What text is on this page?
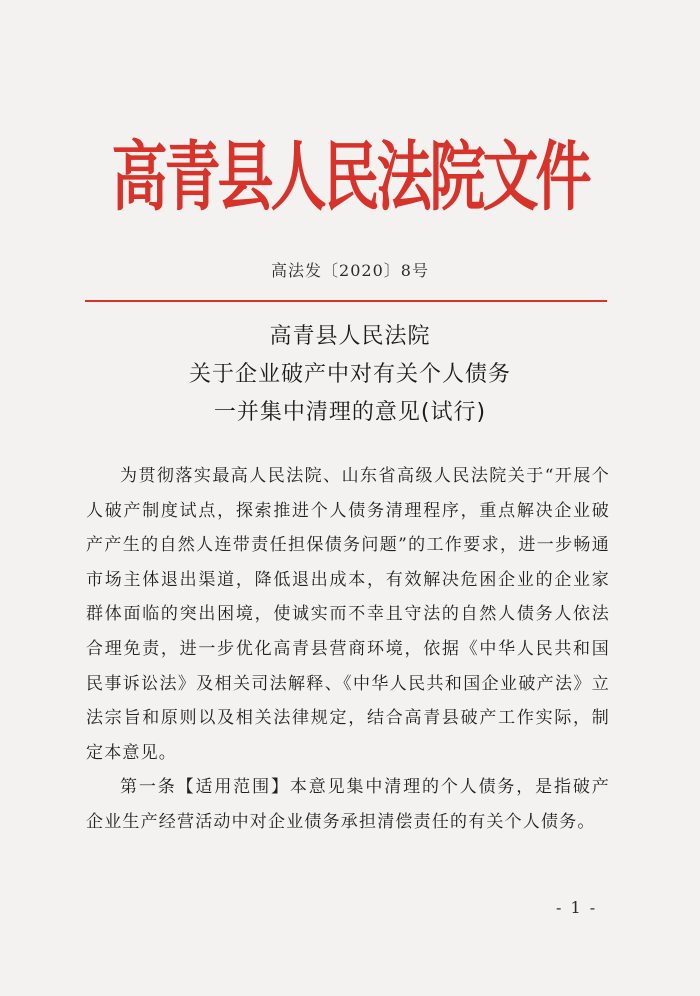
高青县人民法院文件
高法发〔2020〕8号
高青县人民法院
关于企业破产中对有关个人债务
一并集中清理的意见(试行)

为贯彻落实最高人民法院、山东省高级人民法院关于“开展个人破产制度试点，探索推进个人债务清理程序，重点解决企业破产产生的自然人连带责任担保债务问题”的工作要求，进一步畅通市场主体退出渠道，降低退出成本，有效解决危困企业的企业家群体面临的突出困境，使诚实而不幸且守法的自然人债务人依法合理免责，进一步优化高青县营商环境，依据《中华人民共和国民事诉讼法》及相关司法解释、《中华人民共和国企业破产法》立法宗旨和原则以及相关法律规定，结合高青县破产工作实际，制定本意见。

第一条【适用范围】本意见集中清理的个人债务，是指破产企业生产经营活动中对企业债务承担清偿责任的有关个人债务。

- 1 -
